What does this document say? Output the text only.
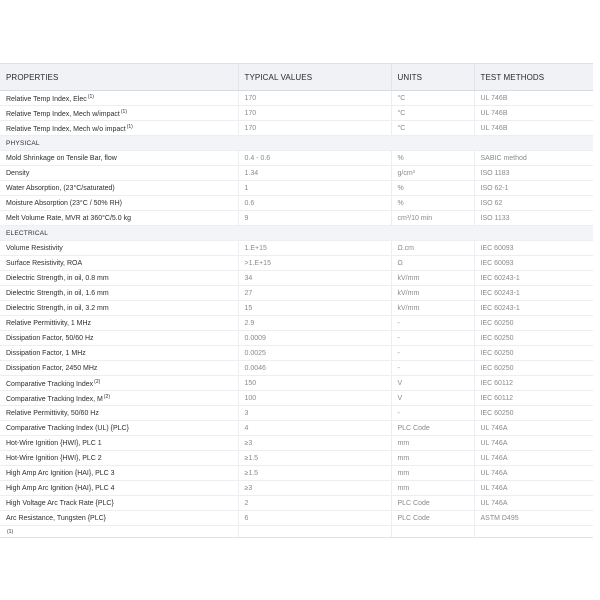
PROPERTIES	TYPICAL VALUES	UNITS	TEST METHODS
Relative Temp Index, Elec$^{(1)}$	170	°C	UL 746B
Relative Temp Index, Mech w/impact$^{(1)}$	170	°C	UL 746B
Relative Temp Index, Mech w/o impact$^{(1)}$	170	°C	UL 746B
PHYSICAL			
Mold Shrinkage on Tensile Bar, flow	0.4 - 0.6	%	SABIC method
Density	1.34	g/cm³	ISO 1183
Water Absorption, (23°C/saturated)	1	%	ISO 62-1
Moisture Absorption (23°C / 50% RH)	0.6	%	ISO 62
Melt Volume Rate, MVR at 360°C/5.0 kg	9	cm³/10 min	ISO 1133
ELECTRICAL			
Volume Resistivity	1.E+15	Ω.cm	IEC 60093
Surface Resistivity, ROA	>1.E+15	Ω	IEC 60093
Dielectric Strength, in oil, 0.8 mm	34	kV/mm	IEC 60243-1
Dielectric Strength, in oil, 1.6 mm	27	kV/mm	IEC 60243-1
Dielectric Strength, in oil, 3.2 mm	15	kV/mm	IEC 60243-1
Relative Permittivity, 1 MHz	2.9	-	IEC 60250
Dissipation Factor, 50/60 Hz	0.0009	-	IEC 60250
Dissipation Factor, 1 MHz	0.0025	-	IEC 60250
Dissipation Factor, 2450 MHz	0.0046	-	IEC 60250
Comparative Tracking Index$^{(2)}$	150	V	IEC 60112
Comparative Tracking Index, $M^{(2)}$	100	V	IEC 60112
Relative Permittivity, 50/60 Hz	3	-	IEC 60250
Comparative Tracking Index (UL) {PLC}	4	PLC Code	UL 746A
Hot-Wire Ignition {HWI}, PLC 1	≥3	mm	UL 746A
Hot-Wire Ignition {HWI}, PLC 2	≥1.5	mm	UL 746A
High Amp Arc Ignition {HAI}, PLC 3	≥1.5	mm	UL 746A
High Amp Arc Ignition {HAI}, PLC 4	≥3	mm	UL 746A
High Voltage Arc Track Rate {PLC}	2	PLC Code	UL 746A
Arc Resistance, Tungsten {PLC}	6	PLC Code	ASTM D495
$^{(1)}$			
